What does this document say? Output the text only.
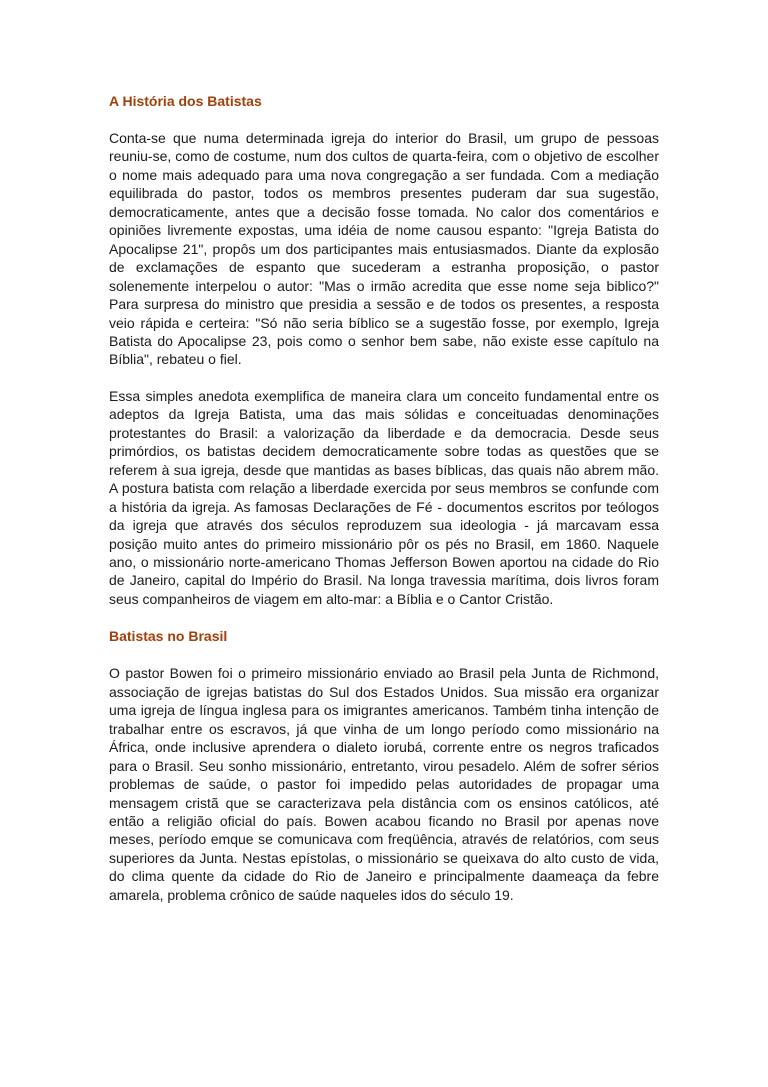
A História dos Batistas

Conta-se que numa determinada igreja do interior do Brasil, um grupo de pessoas reuniu-se, como de costume, num dos cultos de quarta-feira, com o objetivo de escolher o nome mais adequado para uma nova congregação a ser fundada. Com a mediação equilibrada do pastor, todos os membros presentes puderam dar sua sugestão, democraticamente, antes que a decisão fosse tomada. No calor dos comentários e opiniões livremente expostas, uma idéia de nome causou espanto: "Igreja Batista do Apocalipse 21", propôs um dos participantes mais entusiasmados. Diante da explosão de exclamações de espanto que sucederam a estranha proposição, o pastor solenemente interpelou o autor: "Mas o irmão acredita que esse nome seja biblico?" Para surpresa do ministro que presidia a sessão e de todos os presentes, a resposta veio rápida e certeira: "Só não seria bíblico se a sugestão fosse, por exemplo, Igreja Batista do Apocalipse 23, pois como o senhor bem sabe, não existe esse capítulo na Bíblia", rebateu o fiel.

Essa simples anedota exemplifica de maneira clara um conceito fundamental entre os adeptos da Igreja Batista, uma das mais sólidas e conceituadas denominações protestantes do Brasil: a valorização da liberdade e da democracia. Desde seus primórdios, os batistas decidem democraticamente sobre todas as questões que se referem à sua igreja, desde que mantidas as bases bíblicas, das quais não abrem mão. A postura batista com relação a liberdade exercida por seus membros se confunde com a história da igreja. As famosas Declarações de Fé - documentos escritos por teólogos da igreja que através dos séculos reproduzem sua ideologia - já marcavam essa posição muito antes do primeiro missionário pôr os pés no Brasil, em 1860. Naquele ano, o missionário norte-americano Thomas Jefferson Bowen aportou na cidade do Rio de Janeiro, capital do Império do Brasil. Na longa travessia marítima, dois livros foram seus companheiros de viagem em alto-mar: a Bíblia e o Cantor Cristão.

Batistas no Brasil

O pastor Bowen foi o primeiro missionário enviado ao Brasil pela Junta de Richmond, associação de igrejas batistas do Sul dos Estados Unidos. Sua missão era organizar uma igreja de língua inglesa para os imigrantes americanos. Também tinha intenção de trabalhar entre os escravos, já que vinha de um longo período como missionário na África, onde inclusive aprendera o dialeto iorubá, corrente entre os negros traficados para o Brasil. Seu sonho missionário, entretanto, virou pesadelo. Além de sofrer sérios problemas de saúde, o pastor foi impedido pelas autoridades de propagar uma mensagem cristã que se caracterizava pela distância com os ensinos católicos, até então a religião oficial do país. Bowen acabou ficando no Brasil por apenas nove meses, período emque se comunicava com freqüência, através de relatórios, com seus superiores da Junta. Nestas epístolas, o missionário se queixava do alto custo de vida, do clima quente da cidade do Rio de Janeiro e principalmente daameaça da febre amarela, problema crônico de saúde naqueles idos do século 19.
